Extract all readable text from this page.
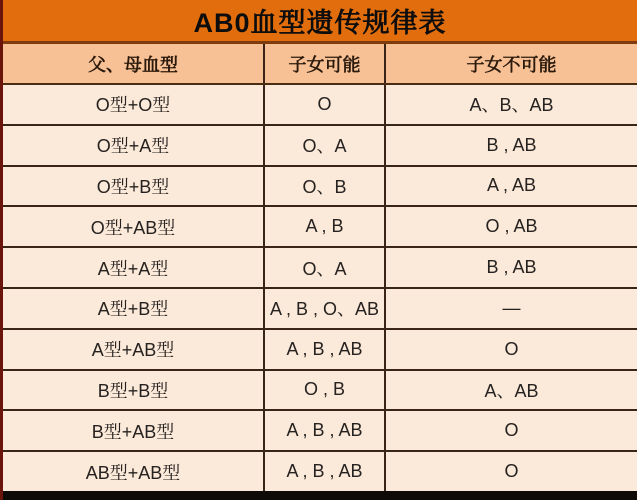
AB0血型遗传规律表
父、母血型	子女可能	子女不可能
O型+O型	O	A、B、AB
O型+A型	O、A	B , AB
O型+B型	O、B	A , AB
O型+AB型	A , B	O , AB
A型+A型	O、A	B , AB
A型+B型	A , B , O、AB	—
A型+AB型	A , B , AB	O
B型+B型	O , B	A、AB
B型+AB型	A , B , AB	O
AB型+AB型	A , B , AB	O
